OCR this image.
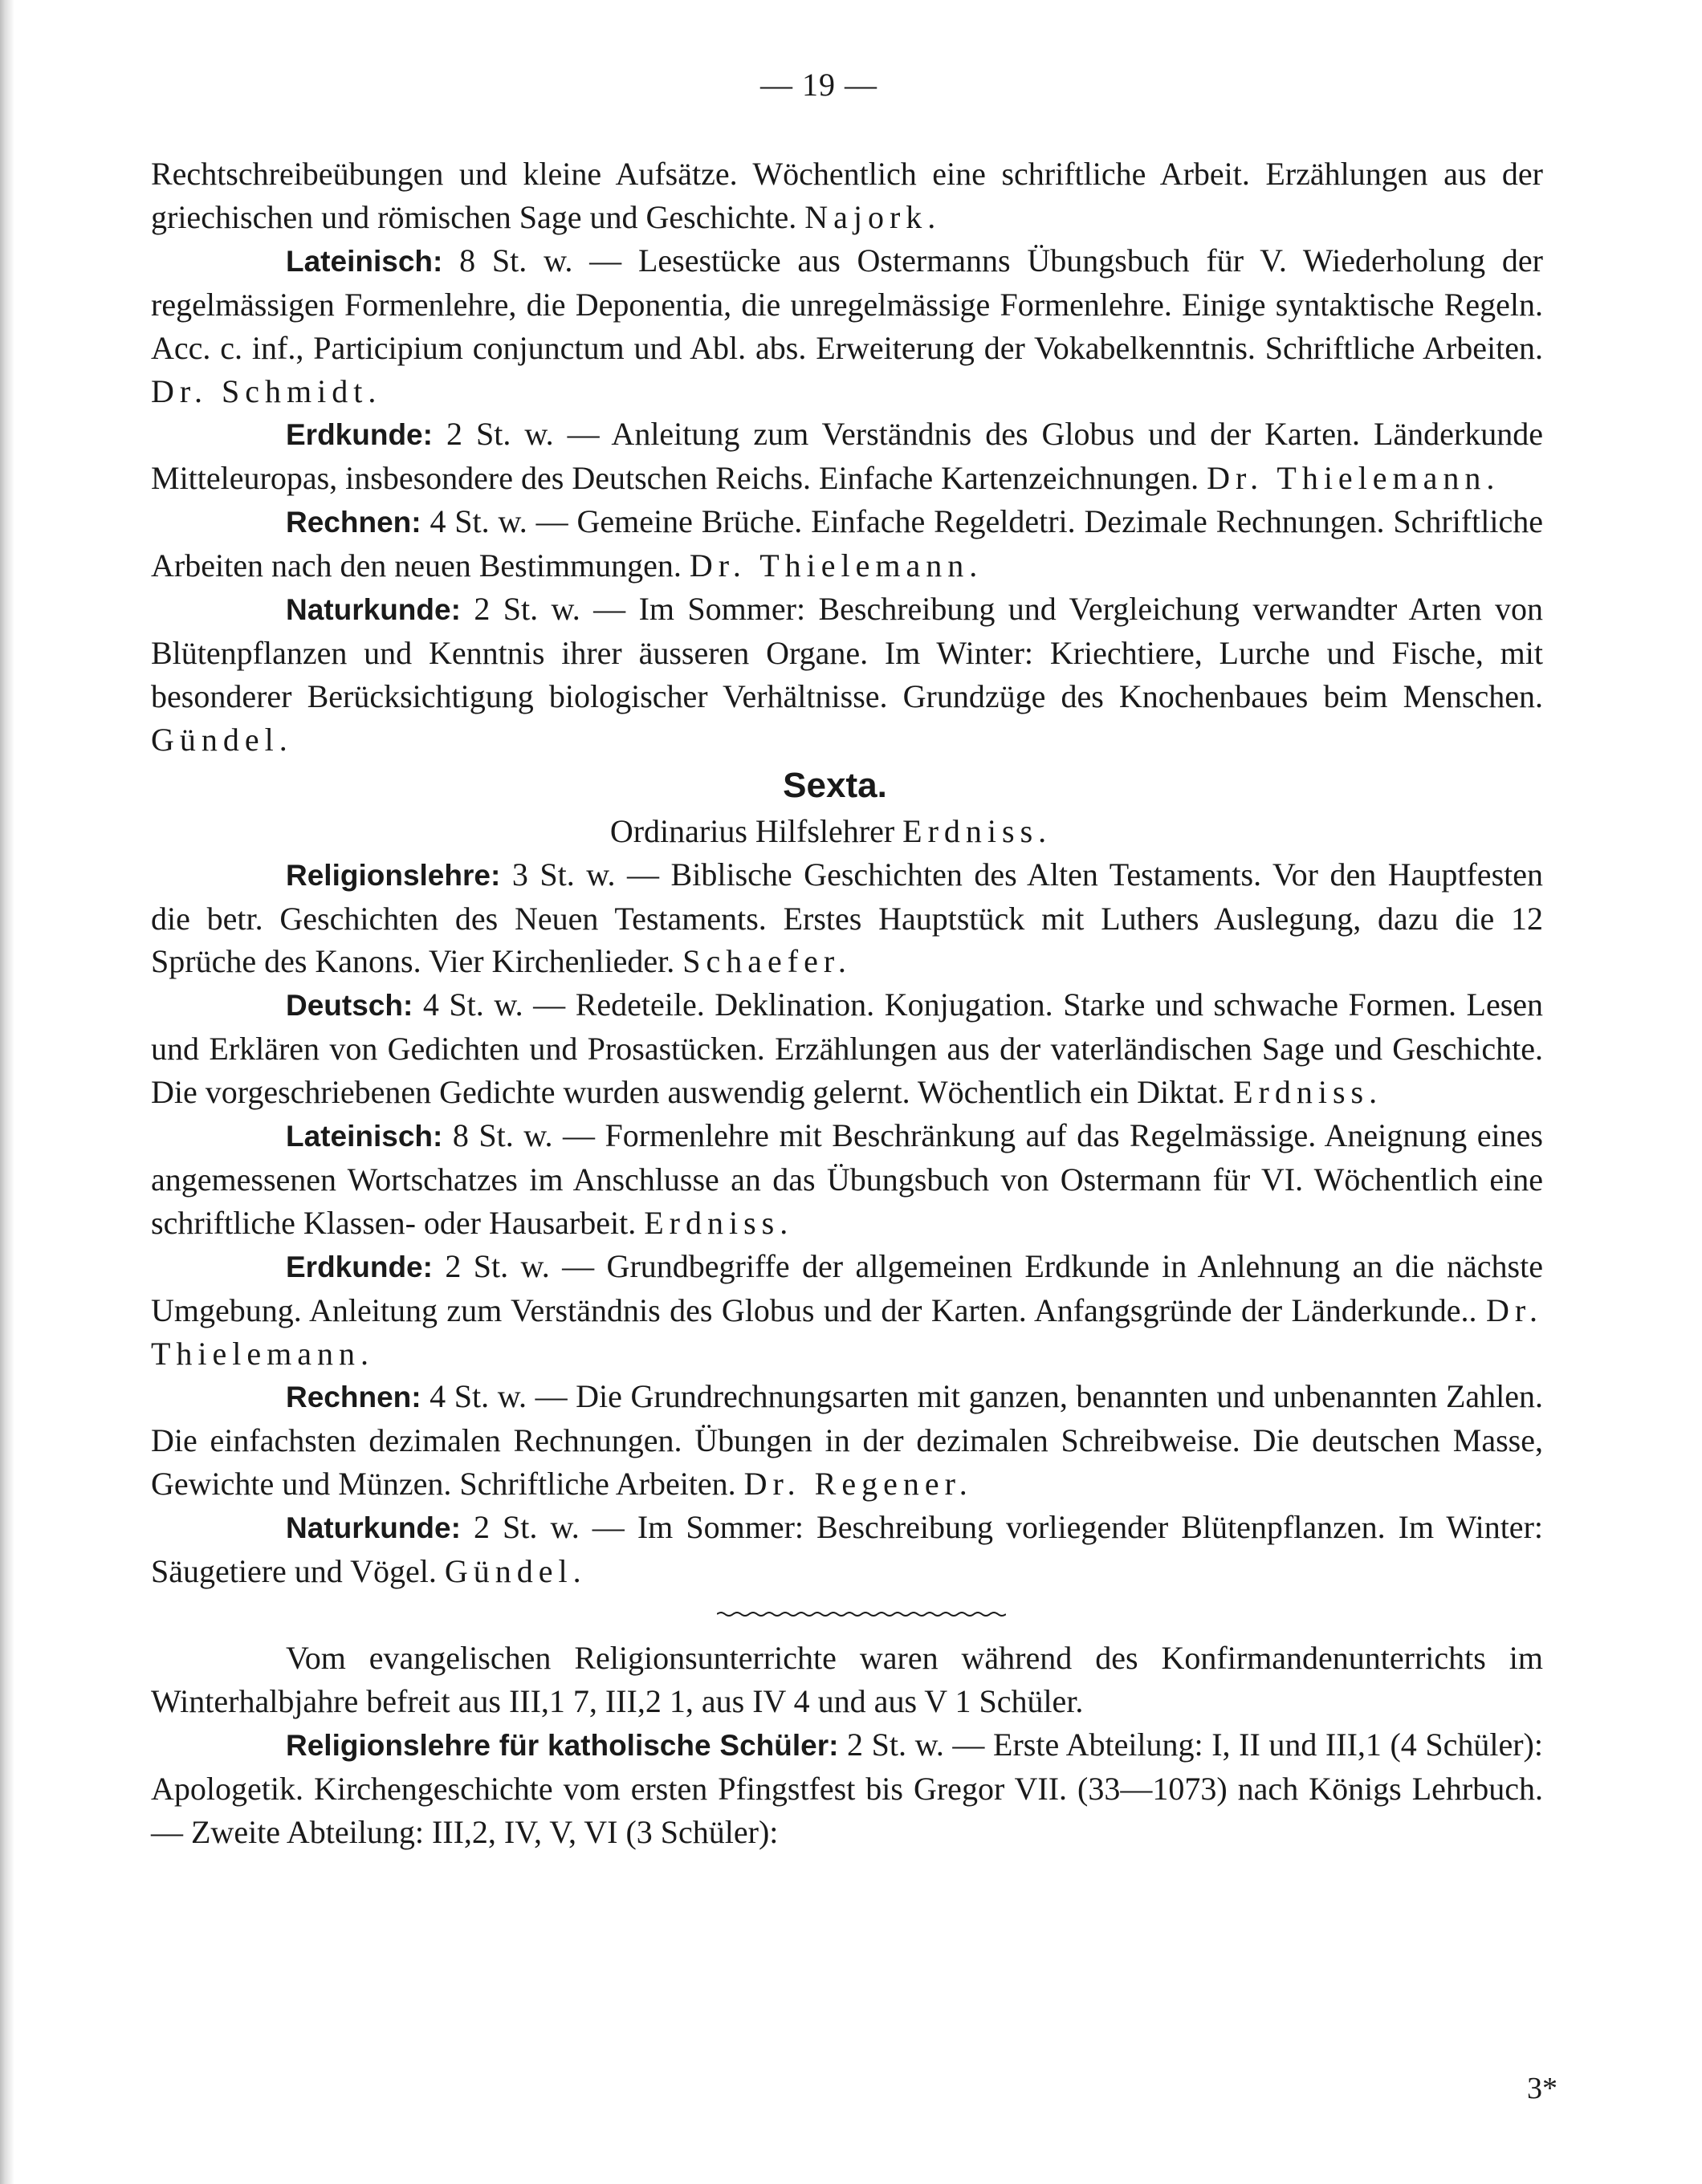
— 19 —

Rechtschreibeübungen und kleine Aufsätze. Wöchentlich eine schriftliche Arbeit. Erzählungen aus der griechischen und römischen Sage und Geschichte. Najork.

Lateinisch: 8 St. w. — Lesestücke aus Ostermanns Übungsbuch für V. Wiederholung der regelmässigen Formenlehre, die Deponentia, die unregelmässige Formenlehre. Einige syntaktische Regeln. Acc. c. inf., Participium conjunctum und Abl. abs. Erweiterung der Vokabelkenntnis. Schriftliche Arbeiten. Dr. Schmidt.

Erdkunde: 2 St. w. — Anleitung zum Verständnis des Globus und der Karten. Länderkunde Mitteleuropas, insbesondere des Deutschen Reichs. Einfache Kartenzeichnungen. Dr. Thielemann.

Rechnen: 4 St. w. — Gemeine Brüche. Einfache Regeldetri. Dezimale Rechnungen. Schriftliche Arbeiten nach den neuen Bestimmungen. Dr. Thielemann.

Naturkunde: 2 St. w. — Im Sommer: Beschreibung und Vergleichung verwandter Arten von Blütenpflanzen und Kenntnis ihrer äusseren Organe. Im Winter: Kriechtiere, Lurche und Fische, mit besonderer Berücksichtigung biologischer Verhältnisse. Grundzüge des Knochenbaues beim Menschen. Gündel.

Sexta.

Ordinarius Hilfslehrer Erdniss.

Religionslehre: 3 St. w. — Biblische Geschichten des Alten Testaments. Vor den Hauptfesten die betr. Geschichten des Neuen Testaments. Erstes Hauptstück mit Luthers Auslegung, dazu die 12 Sprüche des Kanons. Vier Kirchenlieder. Schaefer.

Deutsch: 4 St. w. — Redeteile. Deklination. Konjugation. Starke und schwache Formen. Lesen und Erklären von Gedichten und Prosastücken. Erzählungen aus der vaterländischen Sage und Geschichte. Die vorgeschriebenen Gedichte wurden auswendig gelernt. Wöchentlich ein Diktat. Erdniss.

Lateinisch: 8 St. w. — Formenlehre mit Beschränkung auf das Regelmässige. Aneignung eines angemessenen Wortschatzes im Anschlusse an das Übungsbuch von Ostermann für VI. Wöchentlich eine schriftliche Klassen- oder Hausarbeit. Erdniss.

Erdkunde: 2 St. w. — Grundbegriffe der allgemeinen Erdkunde in Anlehnung an die nächste Umgebung. Anleitung zum Verständnis des Globus und der Karten. Anfangsgründe der Länderkunde.. Dr. Thielemann.

Rechnen: 4 St. w. — Die Grundrechnungsarten mit ganzen, benannten und unbenannten Zahlen. Die einfachsten dezimalen Rechnungen. Übungen in der dezimalen Schreibweise. Die deutschen Masse, Gewichte und Münzen. Schriftliche Arbeiten. Dr. Regener.

Naturkunde: 2 St. w. — Im Sommer: Beschreibung vorliegender Blütenpflanzen. Im Winter: Säugetiere und Vögel. Gündel.

Vom evangelischen Religionsunterrichte waren während des Konfirmandenunterrichts im Winterhalbjahre befreit aus III,1 7, III,2 1, aus IV 4 und aus V 1 Schüler.

Religionslehre für katholische Schüler: 2 St. w. — Erste Abteilung: I, II und III,1 (4 Schüler): Apologetik. Kirchengeschichte vom ersten Pfingstfest bis Gregor VII. (33—1073) nach Königs Lehrbuch. — Zweite Abteilung: III,2, IV, V, VI (3 Schüler):

3*
